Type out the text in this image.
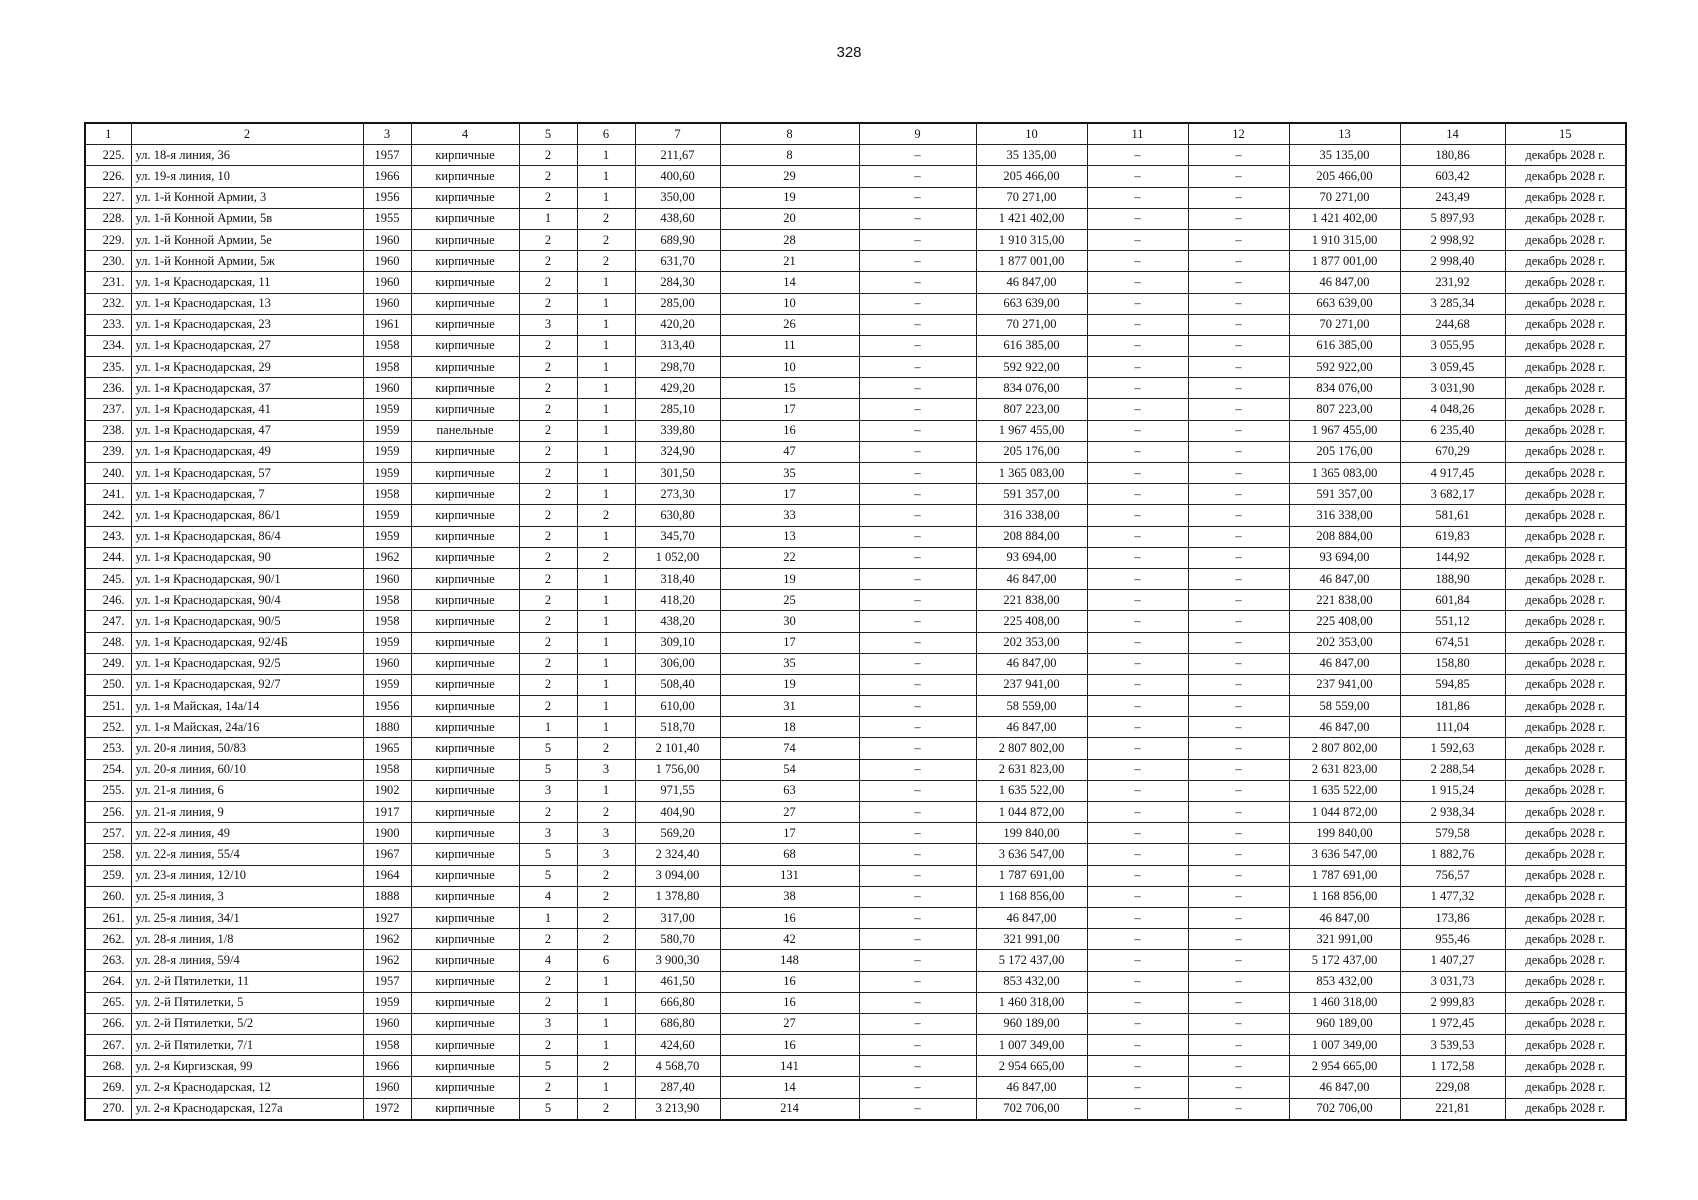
328
1	2	3	4	5	6	7	8	9	10	11	12	13	14	15
225.	ул. 18-я линия, 36	1957	кирпичные	2	1	211,67	8	–	35 135,00	–	–	35 135,00	180,86	декабрь 2028 г.
226.	ул. 19-я линия, 10	1966	кирпичные	2	1	400,60	29	–	205 466,00	–	–	205 466,00	603,42	декабрь 2028 г.
227.	ул. 1-й Конной Армии, 3	1956	кирпичные	2	1	350,00	19	–	70 271,00	–	–	70 271,00	243,49	декабрь 2028 г.
228.	ул. 1-й Конной Армии, 5в	1955	кирпичные	1	2	438,60	20	–	1 421 402,00	–	–	1 421 402,00	5 897,93	декабрь 2028 г.
229.	ул. 1-й Конной Армии, 5е	1960	кирпичные	2	2	689,90	28	–	1 910 315,00	–	–	1 910 315,00	2 998,92	декабрь 2028 г.
230.	ул. 1-й Конной Армии, 5ж	1960	кирпичные	2	2	631,70	21	–	1 877 001,00	–	–	1 877 001,00	2 998,40	декабрь 2028 г.
231.	ул. 1-я Краснодарская, 11	1960	кирпичные	2	1	284,30	14	–	46 847,00	–	–	46 847,00	231,92	декабрь 2028 г.
232.	ул. 1-я Краснодарская, 13	1960	кирпичные	2	1	285,00	10	–	663 639,00	–	–	663 639,00	3 285,34	декабрь 2028 г.
233.	ул. 1-я Краснодарская, 23	1961	кирпичные	3	1	420,20	26	–	70 271,00	–	–	70 271,00	244,68	декабрь 2028 г.
234.	ул. 1-я Краснодарская, 27	1958	кирпичные	2	1	313,40	11	–	616 385,00	–	–	616 385,00	3 055,95	декабрь 2028 г.
235.	ул. 1-я Краснодарская, 29	1958	кирпичные	2	1	298,70	10	–	592 922,00	–	–	592 922,00	3 059,45	декабрь 2028 г.
236.	ул. 1-я Краснодарская, 37	1960	кирпичные	2	1	429,20	15	–	834 076,00	–	–	834 076,00	3 031,90	декабрь 2028 г.
237.	ул. 1-я Краснодарская, 41	1959	кирпичные	2	1	285,10	17	–	807 223,00	–	–	807 223,00	4 048,26	декабрь 2028 г.
238.	ул. 1-я Краснодарская, 47	1959	панельные	2	1	339,80	16	–	1 967 455,00	–	–	1 967 455,00	6 235,40	декабрь 2028 г.
239.	ул. 1-я Краснодарская, 49	1959	кирпичные	2	1	324,90	47	–	205 176,00	–	–	205 176,00	670,29	декабрь 2028 г.
240.	ул. 1-я Краснодарская, 57	1959	кирпичные	2	1	301,50	35	–	1 365 083,00	–	–	1 365 083,00	4 917,45	декабрь 2028 г.
241.	ул. 1-я Краснодарская, 7	1958	кирпичные	2	1	273,30	17	–	591 357,00	–	–	591 357,00	3 682,17	декабрь 2028 г.
242.	ул. 1-я Краснодарская, 86/1	1959	кирпичные	2	2	630,80	33	–	316 338,00	–	–	316 338,00	581,61	декабрь 2028 г.
243.	ул. 1-я Краснодарская, 86/4	1959	кирпичные	2	1	345,70	13	–	208 884,00	–	–	208 884,00	619,83	декабрь 2028 г.
244.	ул. 1-я Краснодарская, 90	1962	кирпичные	2	2	1 052,00	22	–	93 694,00	–	–	93 694,00	144,92	декабрь 2028 г.
245.	ул. 1-я Краснодарская, 90/1	1960	кирпичные	2	1	318,40	19	–	46 847,00	–	–	46 847,00	188,90	декабрь 2028 г.
246.	ул. 1-я Краснодарская, 90/4	1958	кирпичные	2	1	418,20	25	–	221 838,00	–	–	221 838,00	601,84	декабрь 2028 г.
247.	ул. 1-я Краснодарская, 90/5	1958	кирпичные	2	1	438,20	30	–	225 408,00	–	–	225 408,00	551,12	декабрь 2028 г.
248.	ул. 1-я Краснодарская, 92/4Б	1959	кирпичные	2	1	309,10	17	–	202 353,00	–	–	202 353,00	674,51	декабрь 2028 г.
249.	ул. 1-я Краснодарская, 92/5	1960	кирпичные	2	1	306,00	35	–	46 847,00	–	–	46 847,00	158,80	декабрь 2028 г.
250.	ул. 1-я Краснодарская, 92/7	1959	кирпичные	2	1	508,40	19	–	237 941,00	–	–	237 941,00	594,85	декабрь 2028 г.
251.	ул. 1-я Майская, 14а/14	1956	кирпичные	2	1	610,00	31	–	58 559,00	–	–	58 559,00	181,86	декабрь 2028 г.
252.	ул. 1-я Майская, 24а/16	1880	кирпичные	1	1	518,70	18	–	46 847,00	–	–	46 847,00	111,04	декабрь 2028 г.
253.	ул. 20-я линия, 50/83	1965	кирпичные	5	2	2 101,40	74	–	2 807 802,00	–	–	2 807 802,00	1 592,63	декабрь 2028 г.
254.	ул. 20-я линия, 60/10	1958	кирпичные	5	3	1 756,00	54	–	2 631 823,00	–	–	2 631 823,00	2 288,54	декабрь 2028 г.
255.	ул. 21-я линия, 6	1902	кирпичные	3	1	971,55	63	–	1 635 522,00	–	–	1 635 522,00	1 915,24	декабрь 2028 г.
256.	ул. 21-я линия, 9	1917	кирпичные	2	2	404,90	27	–	1 044 872,00	–	–	1 044 872,00	2 938,34	декабрь 2028 г.
257.	ул. 22-я линия, 49	1900	кирпичные	3	3	569,20	17	–	199 840,00	–	–	199 840,00	579,58	декабрь 2028 г.
258.	ул. 22-я линия, 55/4	1967	кирпичные	5	3	2 324,40	68	–	3 636 547,00	–	–	3 636 547,00	1 882,76	декабрь 2028 г.
259.	ул. 23-я линия, 12/10	1964	кирпичные	5	2	3 094,00	131	–	1 787 691,00	–	–	1 787 691,00	756,57	декабрь 2028 г.
260.	ул. 25-я линия, 3	1888	кирпичные	4	2	1 378,80	38	–	1 168 856,00	–	–	1 168 856,00	1 477,32	декабрь 2028 г.
261.	ул. 25-я линия, 34/1	1927	кирпичные	1	2	317,00	16	–	46 847,00	–	–	46 847,00	173,86	декабрь 2028 г.
262.	ул. 28-я линия, 1/8	1962	кирпичные	2	2	580,70	42	–	321 991,00	–	–	321 991,00	955,46	декабрь 2028 г.
263.	ул. 28-я линия, 59/4	1962	кирпичные	4	6	3 900,30	148	–	5 172 437,00	–	–	5 172 437,00	1 407,27	декабрь 2028 г.
264.	ул. 2-й Пятилетки, 11	1957	кирпичные	2	1	461,50	16	–	853 432,00	–	–	853 432,00	3 031,73	декабрь 2028 г.
265.	ул. 2-й Пятилетки, 5	1959	кирпичные	2	1	666,80	16	–	1 460 318,00	–	–	1 460 318,00	2 999,83	декабрь 2028 г.
266.	ул. 2-й Пятилетки, 5/2	1960	кирпичные	3	1	686,80	27	–	960 189,00	–	–	960 189,00	1 972,45	декабрь 2028 г.
267.	ул. 2-й Пятилетки, 7/1	1958	кирпичные	2	1	424,60	16	–	1 007 349,00	–	–	1 007 349,00	3 539,53	декабрь 2028 г.
268.	ул. 2-я Киргизская, 99	1966	кирпичные	5	2	4 568,70	141	–	2 954 665,00	–	–	2 954 665,00	1 172,58	декабрь 2028 г.
269.	ул. 2-я Краснодарская, 12	1960	кирпичные	2	1	287,40	14	–	46 847,00	–	–	46 847,00	229,08	декабрь 2028 г.
270.	ул. 2-я Краснодарская, 127а	1972	кирпичные	5	2	3 213,90	214	–	702 706,00	–	–	702 706,00	221,81	декабрь 2028 г.
